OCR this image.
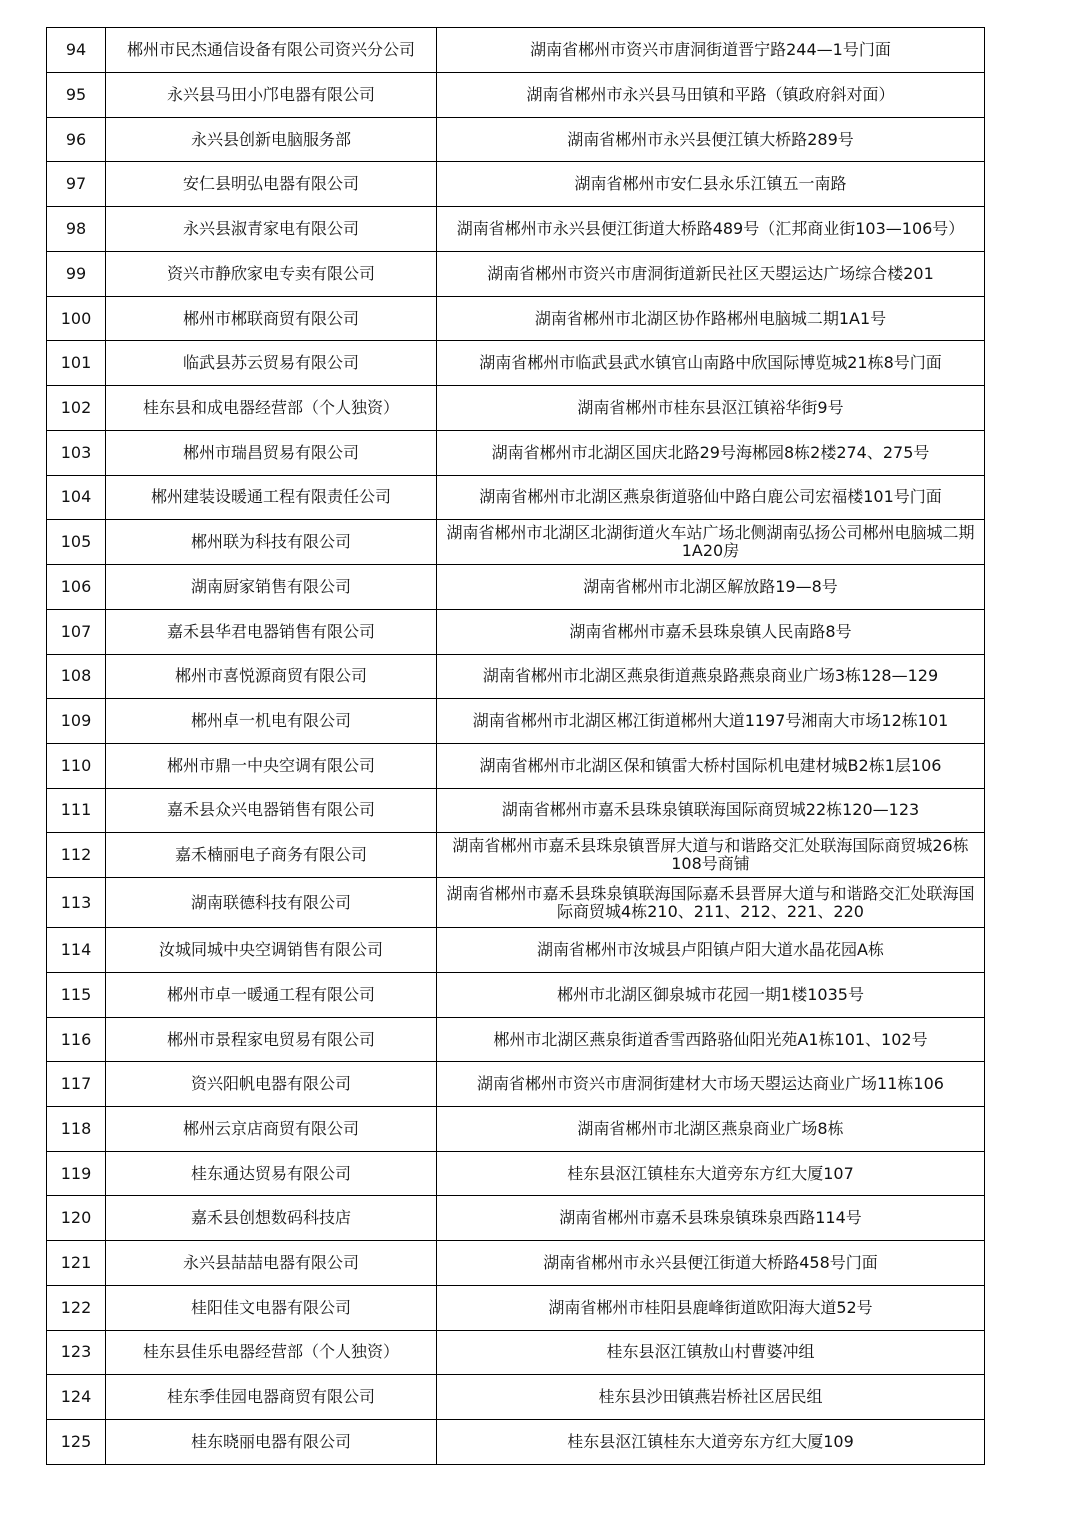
94	郴州市民杰通信设备有限公司资兴分公司	湖南省郴州市资兴市唐洞街道晋宁路244—1号门面
95	永兴县马田小邝电器有限公司	湖南省郴州市永兴县马田镇和平路（镇政府斜对面）
96	永兴县创新电脑服务部	湖南省郴州市永兴县便江镇大桥路289号
97	安仁县明弘电器有限公司	湖南省郴州市安仁县永乐江镇五一南路
98	永兴县淑青家电有限公司	湖南省郴州市永兴县便江街道大桥路489号（汇邦商业街103—106号）
99	资兴市静欣家电专卖有限公司	湖南省郴州市资兴市唐洞街道新民社区天曌运达广场综合楼201
100	郴州市郴联商贸有限公司	湖南省郴州市北湖区协作路郴州电脑城二期1A1号
101	临武县苏云贸易有限公司	湖南省郴州市临武县武水镇官山南路中欣国际博览城21栋8号门面
102	桂东县和成电器经营部（个人独资）	湖南省郴州市桂东县沤江镇裕华街9号
103	郴州市瑞昌贸易有限公司	湖南省郴州市北湖区国庆北路29号海郴园8栋2楼274、275号
104	郴州建装设暖通工程有限责任公司	湖南省郴州市北湖区燕泉街道骆仙中路白鹿公司宏福楼101号门面
105	郴州联为科技有限公司	湖南省郴州市北湖区北湖街道火车站广场北侧湖南弘扬公司郴州电脑城二期1A20房
106	湖南厨家销售有限公司	湖南省郴州市北湖区解放路19—8号
107	嘉禾县华君电器销售有限公司	湖南省郴州市嘉禾县珠泉镇人民南路8号
108	郴州市喜悦源商贸有限公司	湖南省郴州市北湖区燕泉街道燕泉路燕泉商业广场3栋128—129
109	郴州卓一机电有限公司	湖南省郴州市北湖区郴江街道郴州大道1197号湘南大市场12栋101
110	郴州市鼎一中央空调有限公司	湖南省郴州市北湖区保和镇雷大桥村国际机电建材城B2栋1层106
111	嘉禾县众兴电器销售有限公司	湖南省郴州市嘉禾县珠泉镇联海国际商贸城22栋120—123
112	嘉禾楠丽电子商务有限公司	湖南省郴州市嘉禾县珠泉镇晋屏大道与和谐路交汇处联海国际商贸城26栋108号商铺
113	湖南联德科技有限公司	湖南省郴州市嘉禾县珠泉镇联海国际嘉禾县晋屏大道与和谐路交汇处联海国际商贸城4栋210、211、212、221、220
114	汝城同城中央空调销售有限公司	湖南省郴州市汝城县卢阳镇卢阳大道水晶花园A栋
115	郴州市卓一暖通工程有限公司	郴州市北湖区御泉城市花园一期1楼1035号
116	郴州市景程家电贸易有限公司	郴州市北湖区燕泉街道香雪西路骆仙阳光苑A1栋101、102号
117	资兴阳帆电器有限公司	湖南省郴州市资兴市唐洞街建材大市场天曌运达商业广场11栋106
118	郴州云京店商贸有限公司	湖南省郴州市北湖区燕泉商业广场8栋
119	桂东通达贸易有限公司	桂东县沤江镇桂东大道旁东方红大厦107
120	嘉禾县创想数码科技店	湖南省郴州市嘉禾县珠泉镇珠泉西路114号
121	永兴县喆喆电器有限公司	湖南省郴州市永兴县便江街道大桥路458号门面
122	桂阳佳文电器有限公司	湖南省郴州市桂阳县鹿峰街道欧阳海大道52号
123	桂东县佳乐电器经营部（个人独资）	桂东县沤江镇敖山村曹婆冲组
124	桂东季佳园电器商贸有限公司	桂东县沙田镇燕岩桥社区居民组
125	桂东晓丽电器有限公司	桂东县沤江镇桂东大道旁东方红大厦109
